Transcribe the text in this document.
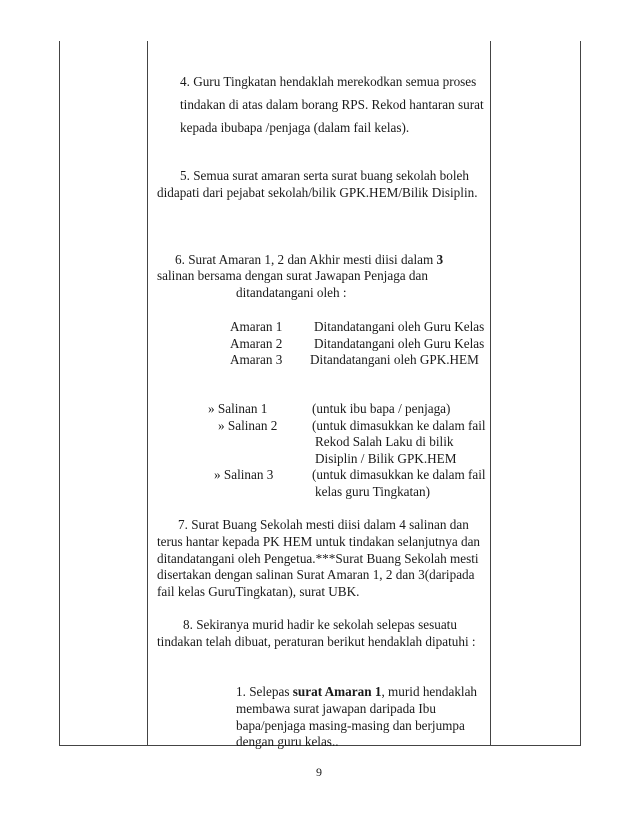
4. Guru Tingkatan hendaklah merekodkan semua proses
tindakan di atas dalam borang RPS. Rekod hantaran surat
kepada ibubapa /penjaga (dalam fail kelas).
5. Semua surat amaran serta surat buang sekolah boleh
didapati dari pejabat sekolah/bilik GPK.HEM/Bilik Disiplin.
6. Surat Amaran 1, 2 dan Akhir mesti diisi dalam 3
salinan bersama dengan surat Jawapan Penjaga dan
ditandatangani oleh :
Amaran 1 Ditandatangani oleh Guru Kelas
Amaran 2 Ditandatangani oleh Guru Kelas
Amaran 3 Ditandatangani oleh GPK.HEM
» Salinan 1	(untuk ibu bapa / penjaga)
» Salinan 2	(untuk dimasukkan ke dalam fail
Rekod Salah Laku di bilik
Disiplin / Bilik GPK.HEM
» Salinan 3	(untuk dimasukkan ke dalam fail
kelas guru Tingkatan)
7. Surat Buang Sekolah mesti diisi dalam 4 salinan dan
terus hantar kepada PK HEM untuk tindakan selanjutnya dan
ditandatangani oleh Pengetua.***Surat Buang Sekolah mesti
disertakan dengan salinan Surat Amaran 1, 2 dan 3(daripada
fail kelas GuruTingkatan), surat UBK.
8. Sekiranya murid hadir ke sekolah selepas sesuatu
tindakan telah dibuat, peraturan berikut hendaklah dipatuhi :
1. Selepas surat Amaran 1, murid hendaklah
membawa surat jawapan daripada Ibu
bapa/penjaga masing-masing dan berjumpa
dengan guru kelas..
9
